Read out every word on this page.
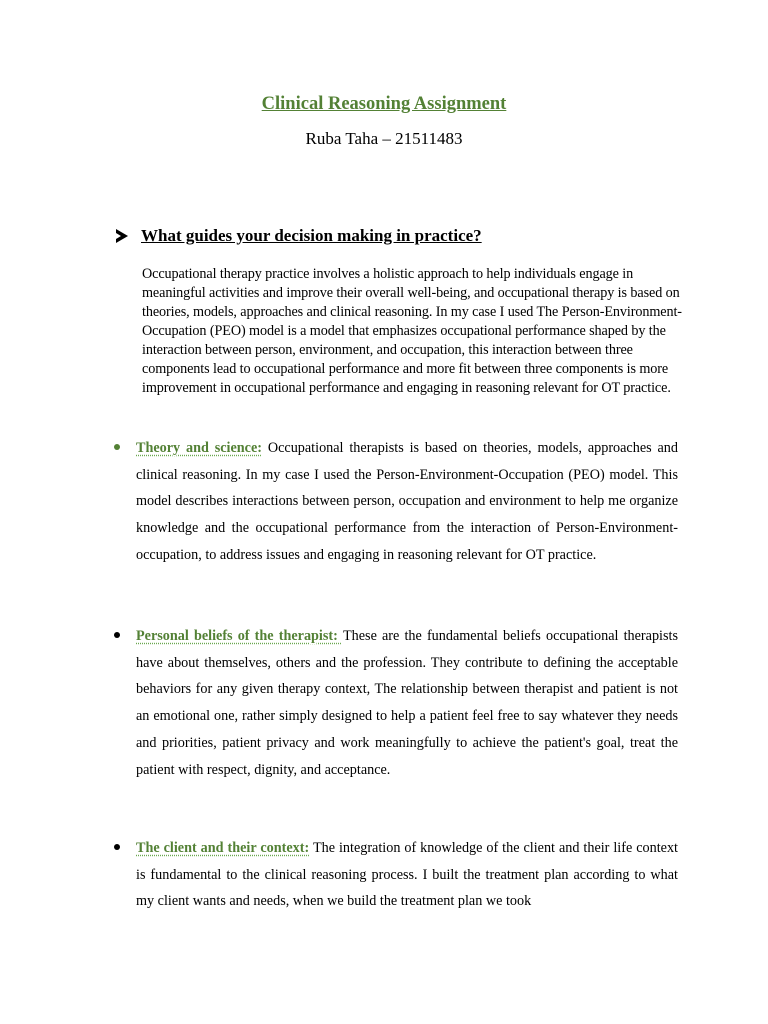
Clinical Reasoning Assignment

Ruba Taha – 21511483

What guides your decision making in practice?

Occupational therapy practice involves a holistic approach to help individuals engage in meaningful activities and improve their overall well-being, and occupational therapy is based on theories, models, approaches and clinical reasoning. In my case I used The Person-Environment-Occupation (PEO) model is a model that emphasizes occupational performance shaped by the interaction between person, environment, and occupation, this interaction between three components lead to occupational performance and more fit between three components is more improvement in occupational performance and engaging in reasoning relevant for OT practice.

Theory and science: Occupational therapists is based on theories, models, approaches and clinical reasoning. In my case I used the Person-Environment-Occupation (PEO) model. This model describes interactions between person, occupation and environment to help me organize knowledge and the occupational performance from the interaction of Person-Environment-occupation, to address issues and engaging in reasoning relevant for OT practice.

Personal beliefs of the therapist: These are the fundamental beliefs occupational therapists have about themselves, others and the profession. They contribute to defining the acceptable behaviors for any given therapy context, The relationship between therapist and patient is not an emotional one, rather simply designed to help a patient feel free to say whatever they needs and priorities, patient privacy and work meaningfully to achieve the patient's goal, treat the patient with respect, dignity, and acceptance.

The client and their context: The integration of knowledge of the client and their life context is fundamental to the clinical reasoning process. I built the treatment plan according to what my client wants and needs, when we build the treatment plan we took
